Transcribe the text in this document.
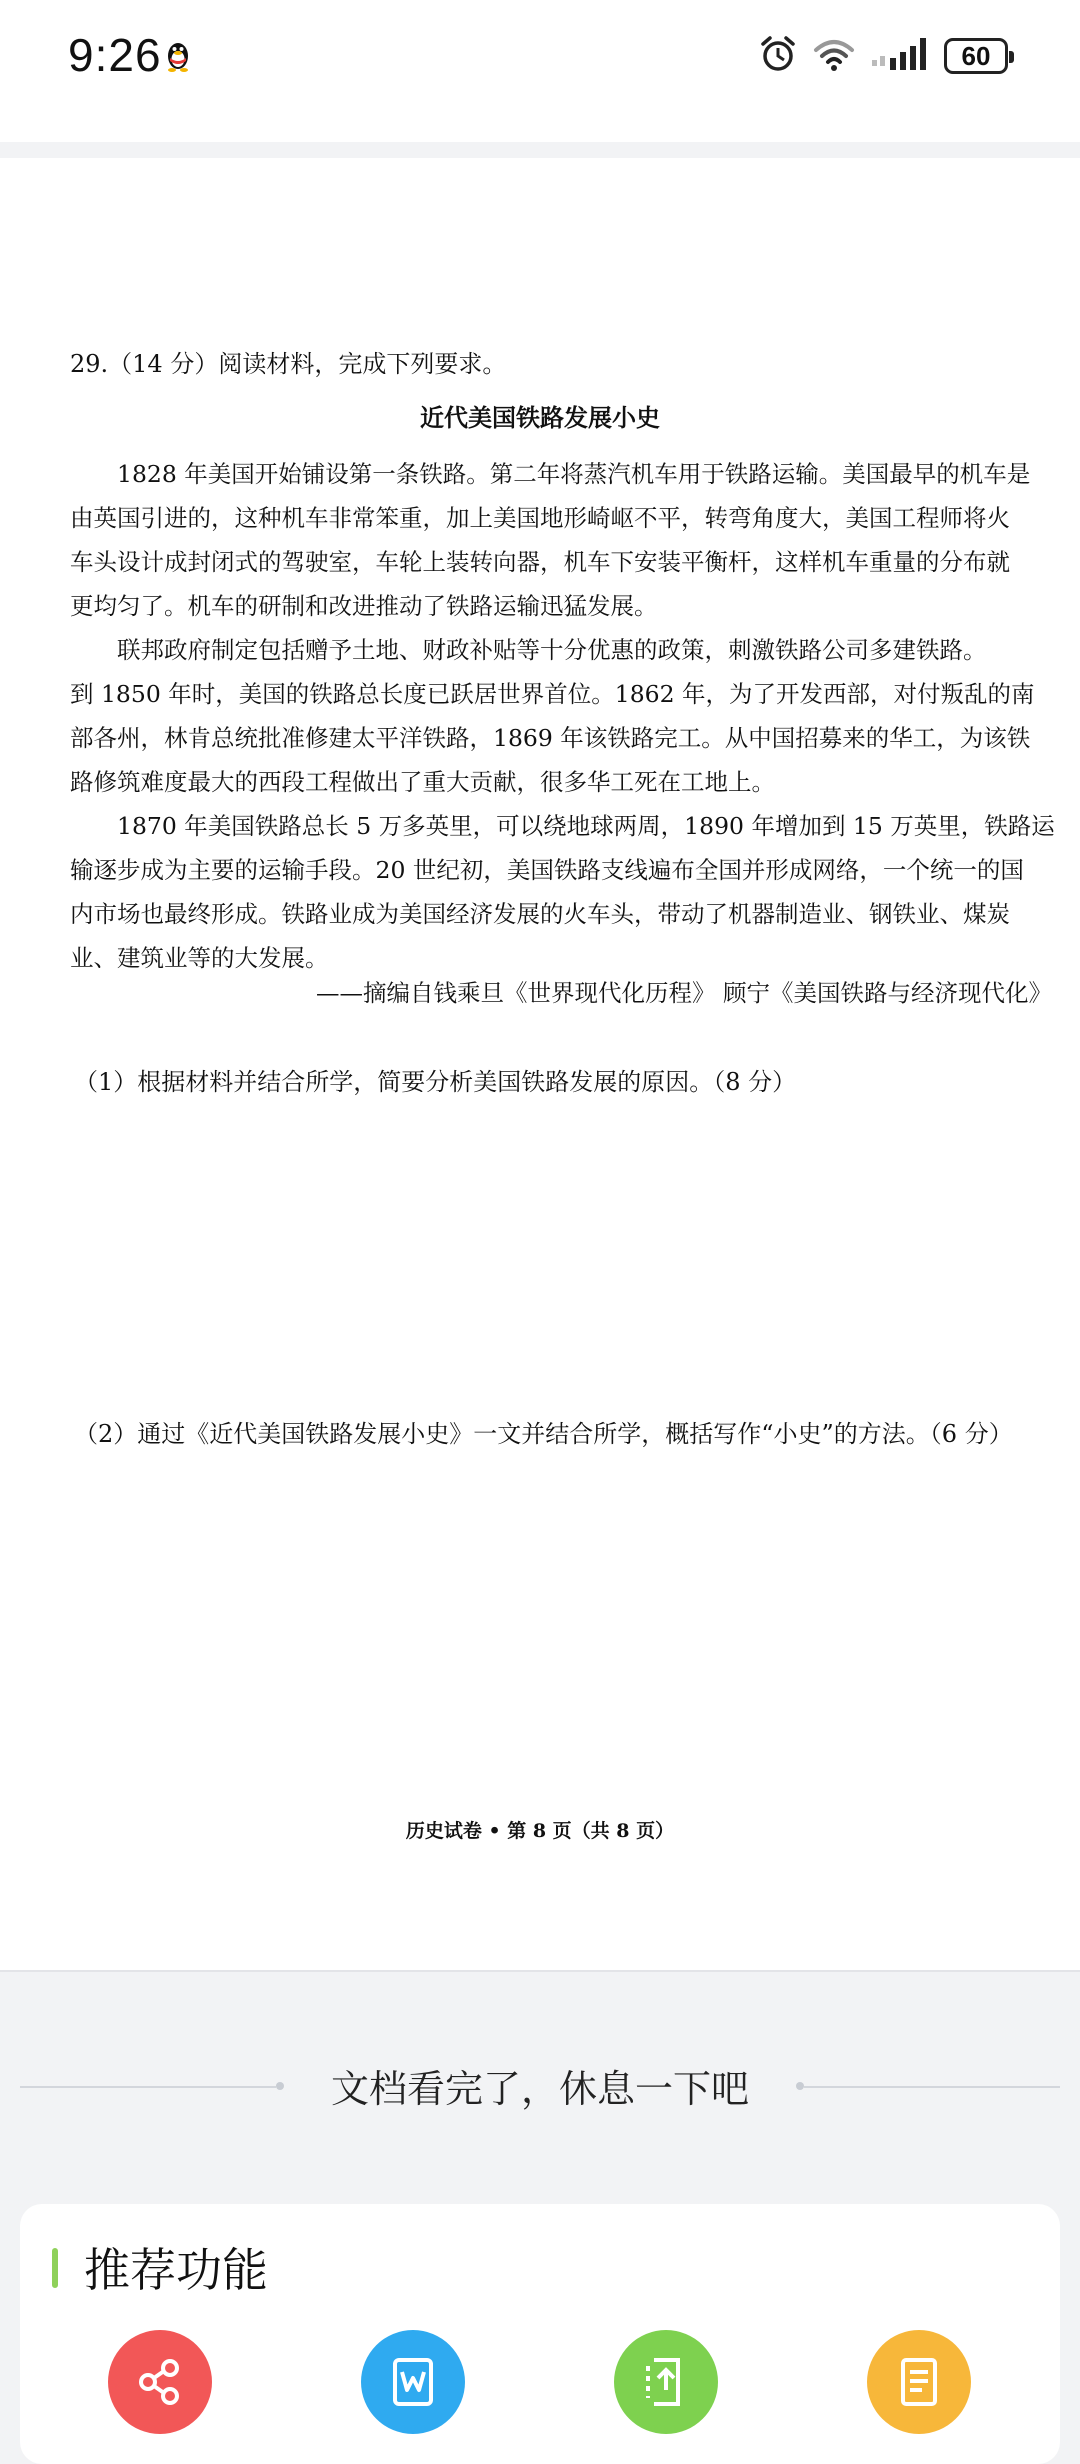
9:26	60
29.（14 分）阅读材料，完成下列要求。
近代美国铁路发展小史
　　1828 年美国开始铺设第一条铁路。第二年将蒸汽机车用于铁路运输。美国最早的机车是
由英国引进的，这种机车非常笨重，加上美国地形崎岖不平，转弯角度大，美国工程师将火
车头设计成封闭式的驾驶室，车轮上装转向器，机车下安装平衡杆，这样机车重量的分布就
更均匀了。机车的研制和改进推动了铁路运输迅猛发展。
　　联邦政府制定包括赠予土地、财政补贴等十分优惠的政策，刺激铁路公司多建铁路。
到 1850 年时，美国的铁路总长度已跃居世界首位。1862 年，为了开发西部，对付叛乱的南
部各州，林肯总统批准修建太平洋铁路，1869 年该铁路完工。从中国招募来的华工，为该铁
路修筑难度最大的西段工程做出了重大贡献，很多华工死在工地上。
　　1870 年美国铁路总长 5 万多英里，可以绕地球两周，1890 年增加到 15 万英里，铁路运
输逐步成为主要的运输手段。20 世纪初，美国铁路支线遍布全国并形成网络，一个统一的国
内市场也最终形成。铁路业成为美国经济发展的火车头，带动了机器制造业、钢铁业、煤炭
业、建筑业等的大发展。
——摘编自钱乘旦《世界现代化历程》 顾宁《美国铁路与经济现代化》
（1）根据材料并结合所学，简要分析美国铁路发展的原因。（8 分）
（2）通过《近代美国铁路发展小史》一文并结合所学，概括写作“小史”的方法。（6 分）
历史试卷 • 第 8 页（共 8 页）
文档看完了，休息一下吧
推荐功能
